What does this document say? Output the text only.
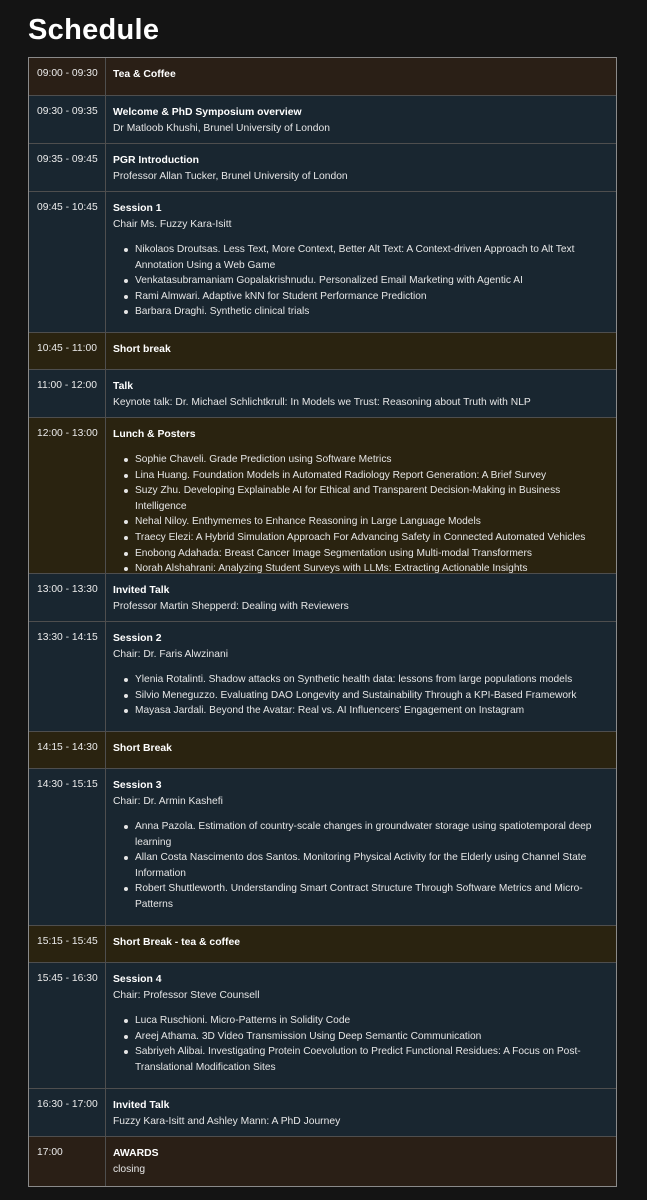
Schedule
09:00 - 09:30	Tea & Coffee
09:30 - 09:35	Welcome & PhD Symposium overview
Dr Matloob Khushi, Brunel University of London
09:35 - 09:45	PGR Introduction
Professor Allan Tucker, Brunel University of London
09:45 - 10:45	Session 1
Chair Ms. Fuzzy Kara-Isitt
Nikolaos Droutsas. Less Text, More Context, Better Alt Text: A Context-driven Approach to Alt Text Annotation Using a Web Game
Venkatasubramaniam Gopalakrishnudu. Personalized Email Marketing with Agentic AI
Rami Almwari. Adaptive kNN for Student Performance Prediction
Barbara Draghi. Synthetic clinical trials
10:45 - 11:00	Short break
11:00 - 12:00	Talk
Keynote talk: Dr. Michael Schlichtkrull: In Models we Trust: Reasoning about Truth with NLP
12:00 - 13:00	Lunch & Posters
Sophie Chaveli. Grade Prediction using Software Metrics
Lina Huang. Foundation Models in Automated Radiology Report Generation: A Brief Survey
Suzy Zhu. Developing Explainable AI for Ethical and Transparent Decision-Making in Business Intelligence
Nehal Niloy. Enthymemes to Enhance Reasoning in Large Language Models
Traecy Elezi: A Hybrid Simulation Approach For Advancing Safety in Connected Automated Vehicles
Enobong Adahada: Breast Cancer Image Segmentation using Multi-modal Transformers
Norah Alshahrani: Analyzing Student Surveys with LLMs: Extracting Actionable Insights
13:00 - 13:30	Invited Talk
Professor Martin Shepperd: Dealing with Reviewers
13:30 - 14:15	Session 2
Chair: Dr. Faris Alwzinani
Ylenia Rotalinti. Shadow attacks on Synthetic health data: lessons from large populations models
Silvio Meneguzzo. Evaluating DAO Longevity and Sustainability Through a KPI-Based Framework
Mayasa Jardali. Beyond the Avatar: Real vs. AI Influencers' Engagement on Instagram
14:15 - 14:30	Short Break
14:30 - 15:15	Session 3
Chair: Dr. Armin Kashefi
Anna Pazola. Estimation of country-scale changes in groundwater storage using spatiotemporal deep learning
Allan Costa Nascimento dos Santos. Monitoring Physical Activity for the Elderly using Channel State Information
Robert Shuttleworth. Understanding Smart Contract Structure Through Software Metrics and Micro-Patterns
15:15 - 15:45	Short Break - tea & coffee
15:45 - 16:30	Session 4
Chair: Professor Steve Counsell
Luca Ruschioni. Micro-Patterns in Solidity Code
Areej Athama. 3D Video Transmission Using Deep Semantic Communication
Sabriyeh Alibai. Investigating Protein Coevolution to Predict Functional Residues: A Focus on Post-Translational Modification Sites
16:30 - 17:00	Invited Talk
Fuzzy Kara-Isitt and Ashley Mann: A PhD Journey
17:00	AWARDS
closing
